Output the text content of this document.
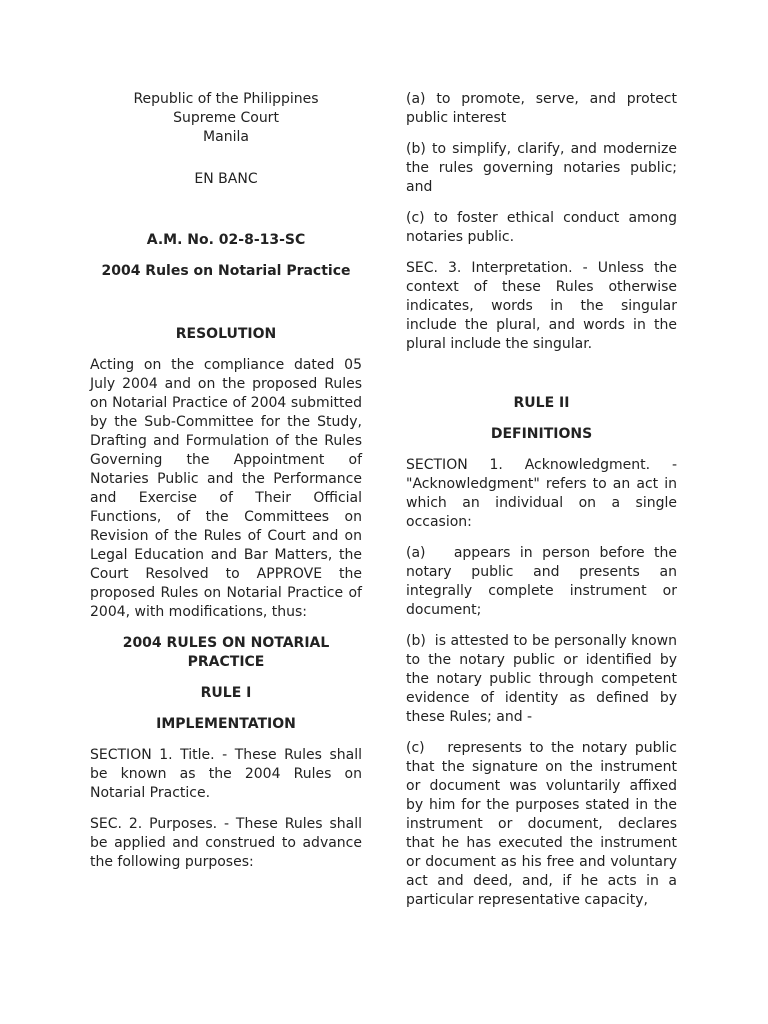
Republic of the Philippines

Supreme Court

Manila

EN BANC

A.M. No. 02-8-13-SC

2004 Rules on Notarial Practice

RESOLUTION

Acting on the compliance dated 05 July 2004 and on the proposed Rules on Notarial Practice of 2004 submitted by the Sub-Committee for the Study, Drafting and Formulation of the Rules Governing the Appointment of Notaries Public and the Performance and Exercise of Their Official Functions, of the Committees on Revision of the Rules of Court and on Legal Education and Bar Matters, the Court Resolved to APPROVE the proposed Rules on Notarial Practice of 2004, with modifications, thus:

2004 RULES ON NOTARIAL PRACTICE

RULE I

IMPLEMENTATION

SECTION 1. Title. - These Rules shall be known as the 2004 Rules on Notarial Practice.

SEC. 2. Purposes. - These Rules shall be applied and construed to advance the following purposes:

(a) to promote, serve, and protect public interest

(b) to simplify, clarify, and modernize the rules governing notaries public; and

(c) to foster ethical conduct among notaries public.

SEC. 3. Interpretation. - Unless the context of these Rules otherwise indicates, words in the singular include the plural, and words in the plural include the singular.

RULE II

DEFINITIONS

SECTION 1. Acknowledgment. - "Acknowledgment" refers to an act in which an individual on a single occasion:

(a)   appears in person before the notary public and presents an integrally complete instrument or document;

(b)  is attested to be personally known to the notary public or identified by the notary public through competent evidence of identity as defined by these Rules; and -

(c)   represents to the notary public that the signature on the instrument or document was voluntarily affixed by him for the purposes stated in the instrument or document, declares that he has executed the instrument or document as his free and voluntary act and deed, and, if he acts in a particular representative capacity,
